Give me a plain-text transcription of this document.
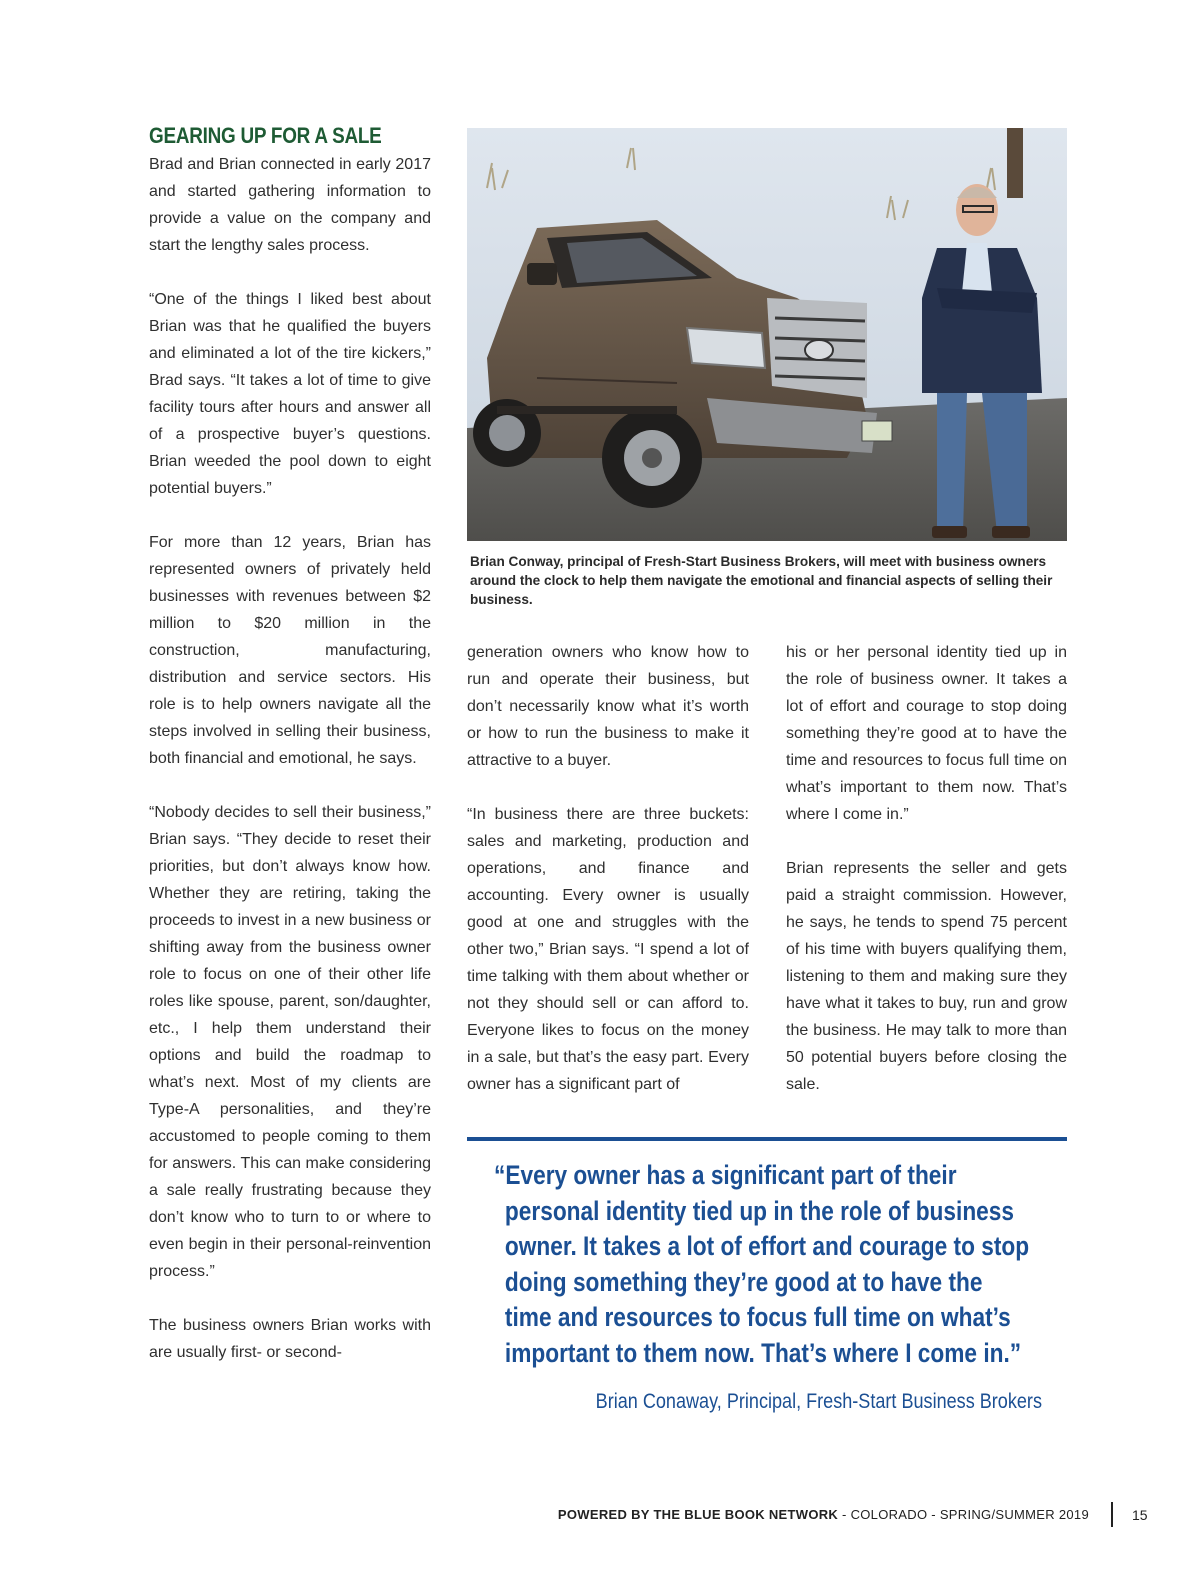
GEARING UP FOR A SALE

Brad and Brian connected in early 2017 and started gathering information to provide a value on the company and start the lengthy sales process.

“One of the things I liked best about Brian was that he qualified the buyers and eliminated a lot of the tire kickers,” Brad says. “It takes a lot of time to give facility tours after hours and answer all of a prospective buyer’s questions. Brian weeded the pool down to eight potential buyers.”

For more than 12 years, Brian has represented owners of privately held businesses with revenues between $2 million to $20 million in the construction, manufacturing, distribution and service sectors. His role is to help owners navigate all the steps involved in selling their business, both financial and emotional, he says.

“Nobody decides to sell their business,” Brian says. “They decide to reset their priorities, but don’t always know how. Whether they are retiring, taking the proceeds to invest in a new business or shifting away from the business owner role to focus on one of their other life roles like spouse, parent, son/daughter, etc., I help them understand their options and build the roadmap to what’s next. Most of my clients are Type-A personalities, and they’re accustomed to people coming to them for answers. This can make considering a sale really frustrating because they don’t know who to turn to or where to even begin in their personal-reinvention process.”

The business owners Brian works with are usually first- or second-

Brian Conway, principal of Fresh-Start Business Brokers, will meet with business owners around the clock to help them navigate the emotional and financial aspects of selling their business.

generation owners who know how to run and operate their business, but don’t necessarily know what it’s worth or how to run the business to make it attractive to a buyer.

“In business there are three buckets: sales and marketing, production and operations, and finance and accounting. Every owner is usually good at one and struggles with the other two,” Brian says. “I spend a lot of time talking with them about whether or not they should sell or can afford to. Everyone likes to focus on the money in a sale, but that’s the easy part. Every owner has a significant part of

his or her personal identity tied up in the role of business owner. It takes a lot of effort and courage to stop doing something they’re good at to have the time and resources to focus full time on what’s important to them now. That’s where I come in.”

Brian represents the seller and gets paid a straight commission. However, he says, he tends to spend 75 percent of his time with buyers qualifying them, listening to them and making sure they have what it takes to buy, run and grow the business. He may talk to more than 50 potential buyers before closing the sale.

“Every owner has a significant part of their
personal identity tied up in the role of business
owner. It takes a lot of effort and courage to stop
doing something they’re good at to have the
time and resources to focus full time on what’s
important to them now. That’s where I come in.”
Brian Conaway, Principal, Fresh-Start Business Brokers
POWERED BY THE BLUE BOOK NETWORK - COLORADO - SPRING/SUMMER 2019	15
